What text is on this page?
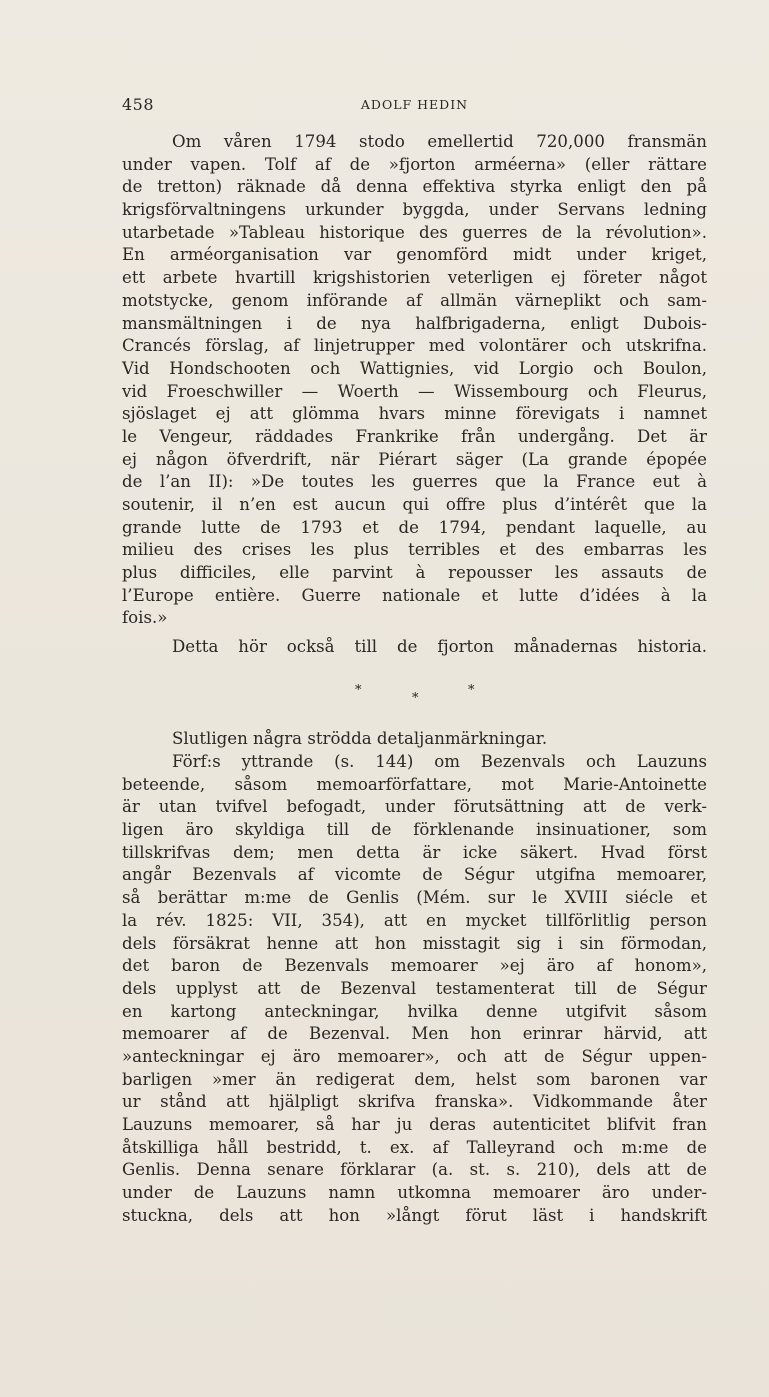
458	ADOLF HEDIN
Om våren 1794 stodo emellertid 720,000 fransmän
under vapen. Tolf af de »fjorton arméerna» (eller rättare
de tretton) räknade då denna effektiva styrka enligt den på
krigsförvaltningens urkunder byggda, under Servans ledning
utarbetade »Tableau historique des guerres de la révolution».
En arméorganisation var genomförd midt under kriget,
ett arbete hvartill krigshistorien veterligen ej företer något
motstycke, genom införande af allmän värneplikt och sam-
mansmältningen i de nya halfbrigaderna, enligt Dubois-
Crancés förslag, af linjetrupper med volontärer och utskrifna.
Vid Hondschooten och Wattignies, vid Lorgio och Boulon,
vid Froeschwiller — Woerth — Wissembourg och Fleurus,
sjöslaget ej att glömma hvars minne förevigats i namnet
le Vengeur, räddades Frankrike från undergång. Det är
ej någon öfverdrift, när Piérart säger (La grande épopée
de l’an II): »De toutes les guerres que la France eut à
soutenir, il n’en est aucun qui offre plus d’intérêt que la
grande lutte de 1793 et de 1794, pendant laquelle, au
milieu des crises les plus terribles et des embarras les
plus difficiles, elle parvint à repousser les assauts de
l’Europe entière. Guerre nationale et lutte d’idées à la
fois.»
Detta hör också till de fjorton månadernas historia.
*
*
*
Slutligen några strödda detaljanmärkningar.
Förf:s yttrande (s. 144) om Bezenvals och Lauzuns
beteende, såsom memoarförfattare, mot Marie-Antoinette
är utan tvifvel befogadt, under förutsättning att de verk-
ligen äro skyldiga till de förklenande insinuationer, som
tillskrifvas dem; men detta är icke säkert. Hvad först
angår Bezenvals af vicomte de Ségur utgifna memoarer,
så berättar m:me de Genlis (Mém. sur le XVIII siécle et
la rév. 1825: VII, 354), att en mycket tillförlitlig person
dels försäkrat henne att hon misstagit sig i sin förmodan,
det baron de Bezenvals memoarer »ej äro af honom»,
dels upplyst att de Bezenval testamenterat till de Ségur
en kartong anteckningar, hvilka denne utgifvit såsom
memoarer af de Bezenval. Men hon erinrar härvid, att
»anteckningar ej äro memoarer», och att de Ségur uppen-
barligen »mer än redigerat dem, helst som baronen var
ur stånd att hjälpligt skrifva franska». Vidkommande åter
Lauzuns memoarer, så har ju deras autenticitet blifvit fran
åtskilliga håll bestridd, t. ex. af Talleyrand och m:me de
Genlis. Denna senare förklarar (a. st. s. 210), dels att de
under de Lauzuns namn utkomna memoarer äro under-
stuckna, dels att hon »långt förut läst i handskrift
